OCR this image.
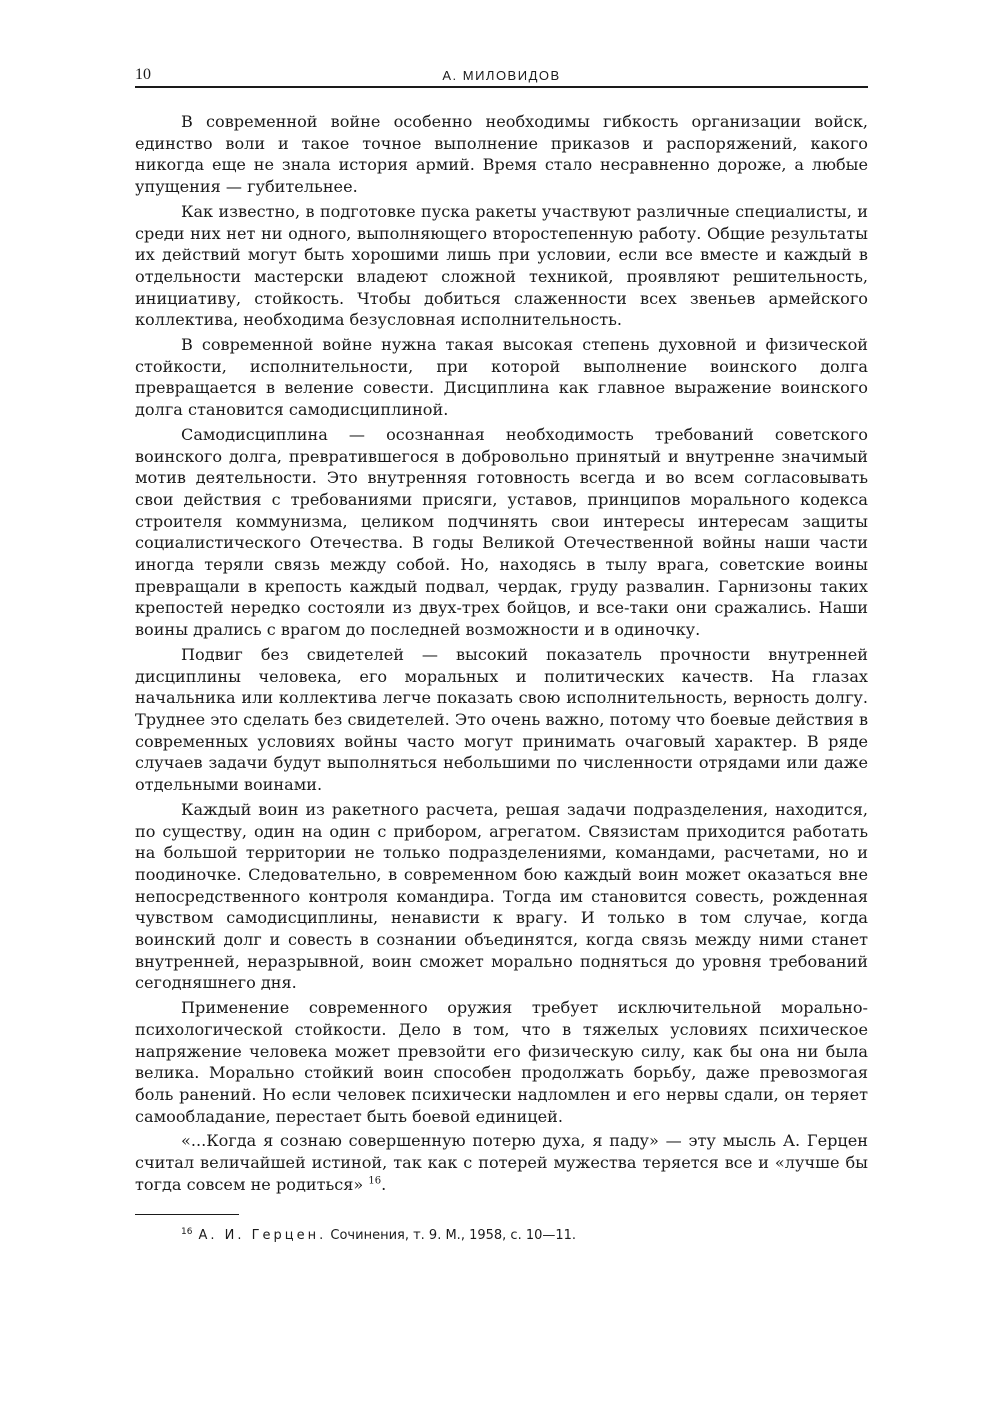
10	А. МИЛОВИДОВ

В современной войне особенно необходимы гибкость организации войск, единство воли и такое точное выполнение приказов и распоряжений, какого никогда еще не знала история армий. Время стало несравненно дороже, а любые упущения — губительнее.

Как известно, в подготовке пуска ракеты участвуют различные специалисты, и среди них нет ни одного, выполняющего второстепенную работу. Общие результаты их действий могут быть хорошими лишь при условии, если все вместе и каждый в отдельности мастерски владеют сложной техникой, проявляют решительность, инициативу, стойкость. Чтобы добиться слаженности всех звеньев армейского коллектива, необходима безусловная исполнительность.

В современной войне нужна такая высокая степень духовной и физической стойкости, исполнительности, при которой выполнение воинского долга превращается в веление совести. Дисциплина как главное выражение воинского долга становится самодисциплиной.

Самодисциплина — осознанная необходимость требований советского воинского долга, превратившегося в добровольно принятый и внутренне значимый мотив деятельности. Это внутренняя готовность всегда и во всем согласовывать свои действия с требованиями присяги, уставов, принципов морального кодекса строителя коммунизма, целиком подчинять свои интересы интересам защиты социалистического Отечества. В годы Великой Отечественной войны наши части иногда теряли связь между собой. Но, находясь в тылу врага, советские воины превращали в крепость каждый подвал, чердак, груду развалин. Гарнизоны таких крепостей нередко состояли из двух-трех бойцов, и все-таки они сражались. Наши воины дрались с врагом до последней возможности и в одиночку.

Подвиг без свидетелей — высокий показатель прочности внутренней дисциплины человека, его моральных и политических качеств. На глазах начальника или коллектива легче показать свою исполнительность, верность долгу. Труднее это сделать без свидетелей. Это очень важно, потому что боевые действия в современных условиях войны часто могут принимать очаговый характер. В ряде случаев задачи будут выполняться небольшими по численности отрядами или даже отдельными воинами.

Каждый воин из ракетного расчета, решая задачи подразделения, находится, по существу, один на один с прибором, агрегатом. Связистам приходится работать на большой территории не только подразделениями, командами, расчетами, но и поодиночке. Следовательно, в современном бою каждый воин может оказаться вне непосредственного контроля командира. Тогда им становится совесть, рожденная чувством самодисциплины, ненависти к врагу. И только в том случае, когда воинский долг и совесть в сознании объединятся, когда связь между ними станет внутренней, неразрывной, воин сможет морально подняться до уровня требований сегодняшнего дня.

Применение современного оружия требует исключительной морально-психологической стойкости. Дело в том, что в тяжелых условиях психическое напряжение человека может превзойти его физическую силу, как бы она ни была велика. Морально стойкий воин способен продолжать борьбу, даже превозмогая боль ранений. Но если человек психически надломлен и его нервы сдали, он теряет самообладание, перестает быть боевой единицей.

«...Когда я сознаю совершенную потерю духа, я паду» — эту мысль А. Герцен считал величайшей истиной, так как с потерей мужества теряется все и «лучше бы тогда совсем не родиться» $^{16}$.

$^{16}$ А. И. Герцен. Сочинения, т. 9. М., 1958, с. 10—11.
